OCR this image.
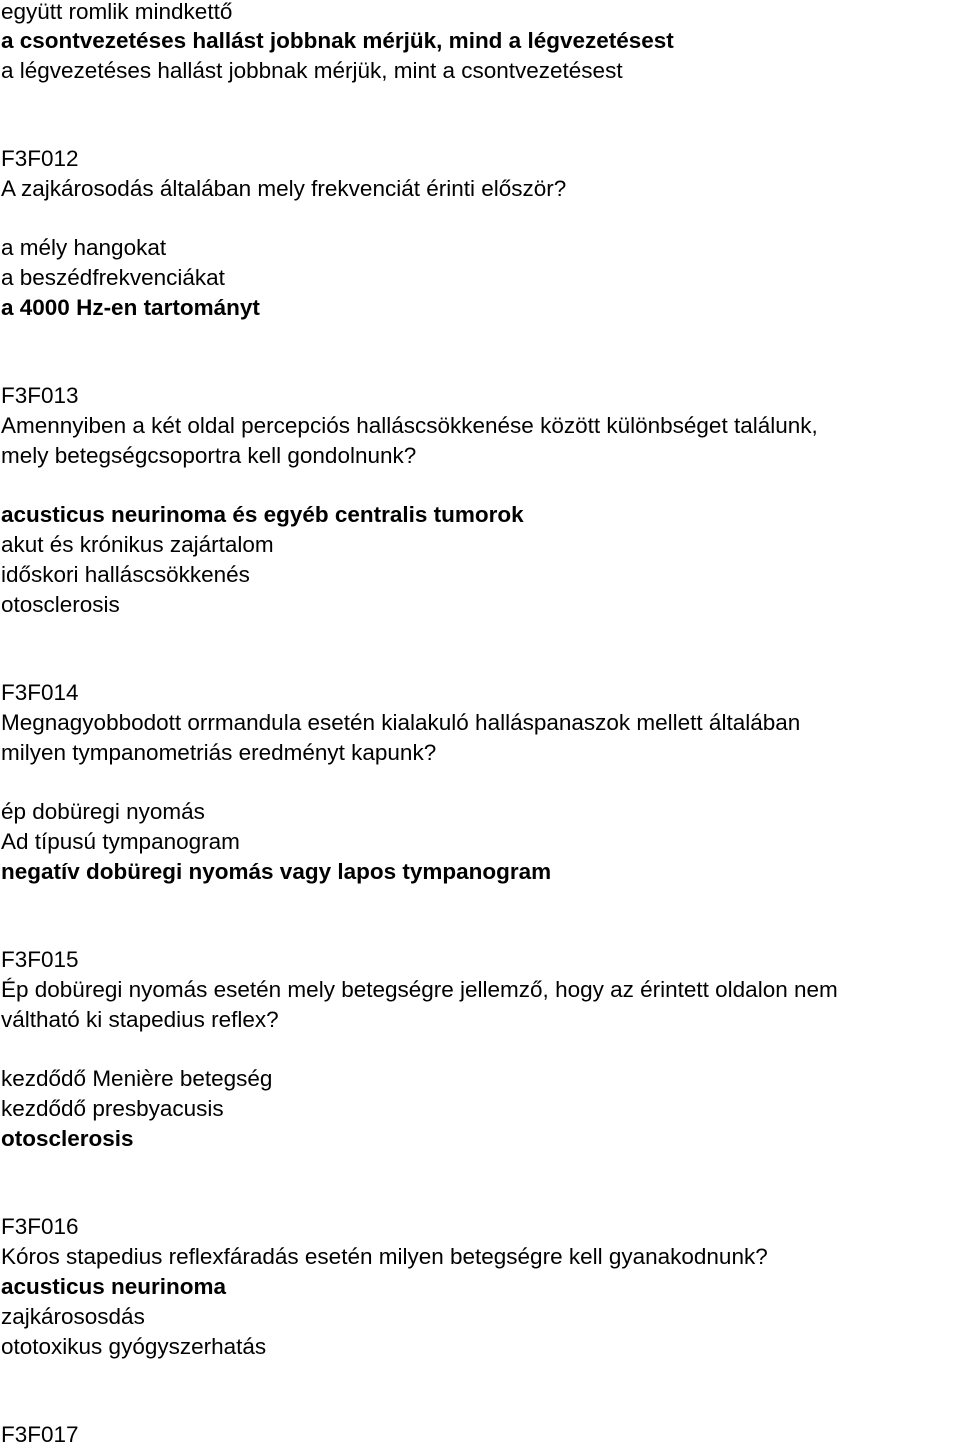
együtt romlik mindkettő
a csontvezetéses hallást jobbnak mérjük, mind a légvezetésest
a légvezetéses hallást jobbnak mérjük, mint a csontvezetésest
F3F012
A zajkárosodás általában mely frekvenciát érinti először?
a mély hangokat
a beszédfrekvenciákat
a 4000 Hz-en tartományt
F3F013
Amennyiben a két oldal percepciós halláscsökkenése között különbséget találunk,
mely betegségcsoportra kell gondolnunk?
acusticus neurinoma és egyéb centralis tumorok
akut és krónikus zajártalom
időskori halláscsökkenés
otosclerosis
F3F014
Megnagyobbodott orrmandula esetén kialakuló halláspanaszok mellett általában
milyen tympanometriás eredményt kapunk?
ép dobüregi nyomás
Ad típusú tympanogram
negatív dobüregi nyomás vagy lapos tympanogram
F3F015
Ép dobüregi nyomás esetén mely betegségre jellemző, hogy az érintett oldalon nem
váltható ki stapedius reflex?
kezdődő Menière betegség
kezdődő presbyacusis
otosclerosis
F3F016
Kóros stapedius reflexfáradás esetén milyen betegségre kell gyanakodnunk?
acusticus neurinoma
zajkárososdás
ototoxikus gyógyszerhatás
F3F017
